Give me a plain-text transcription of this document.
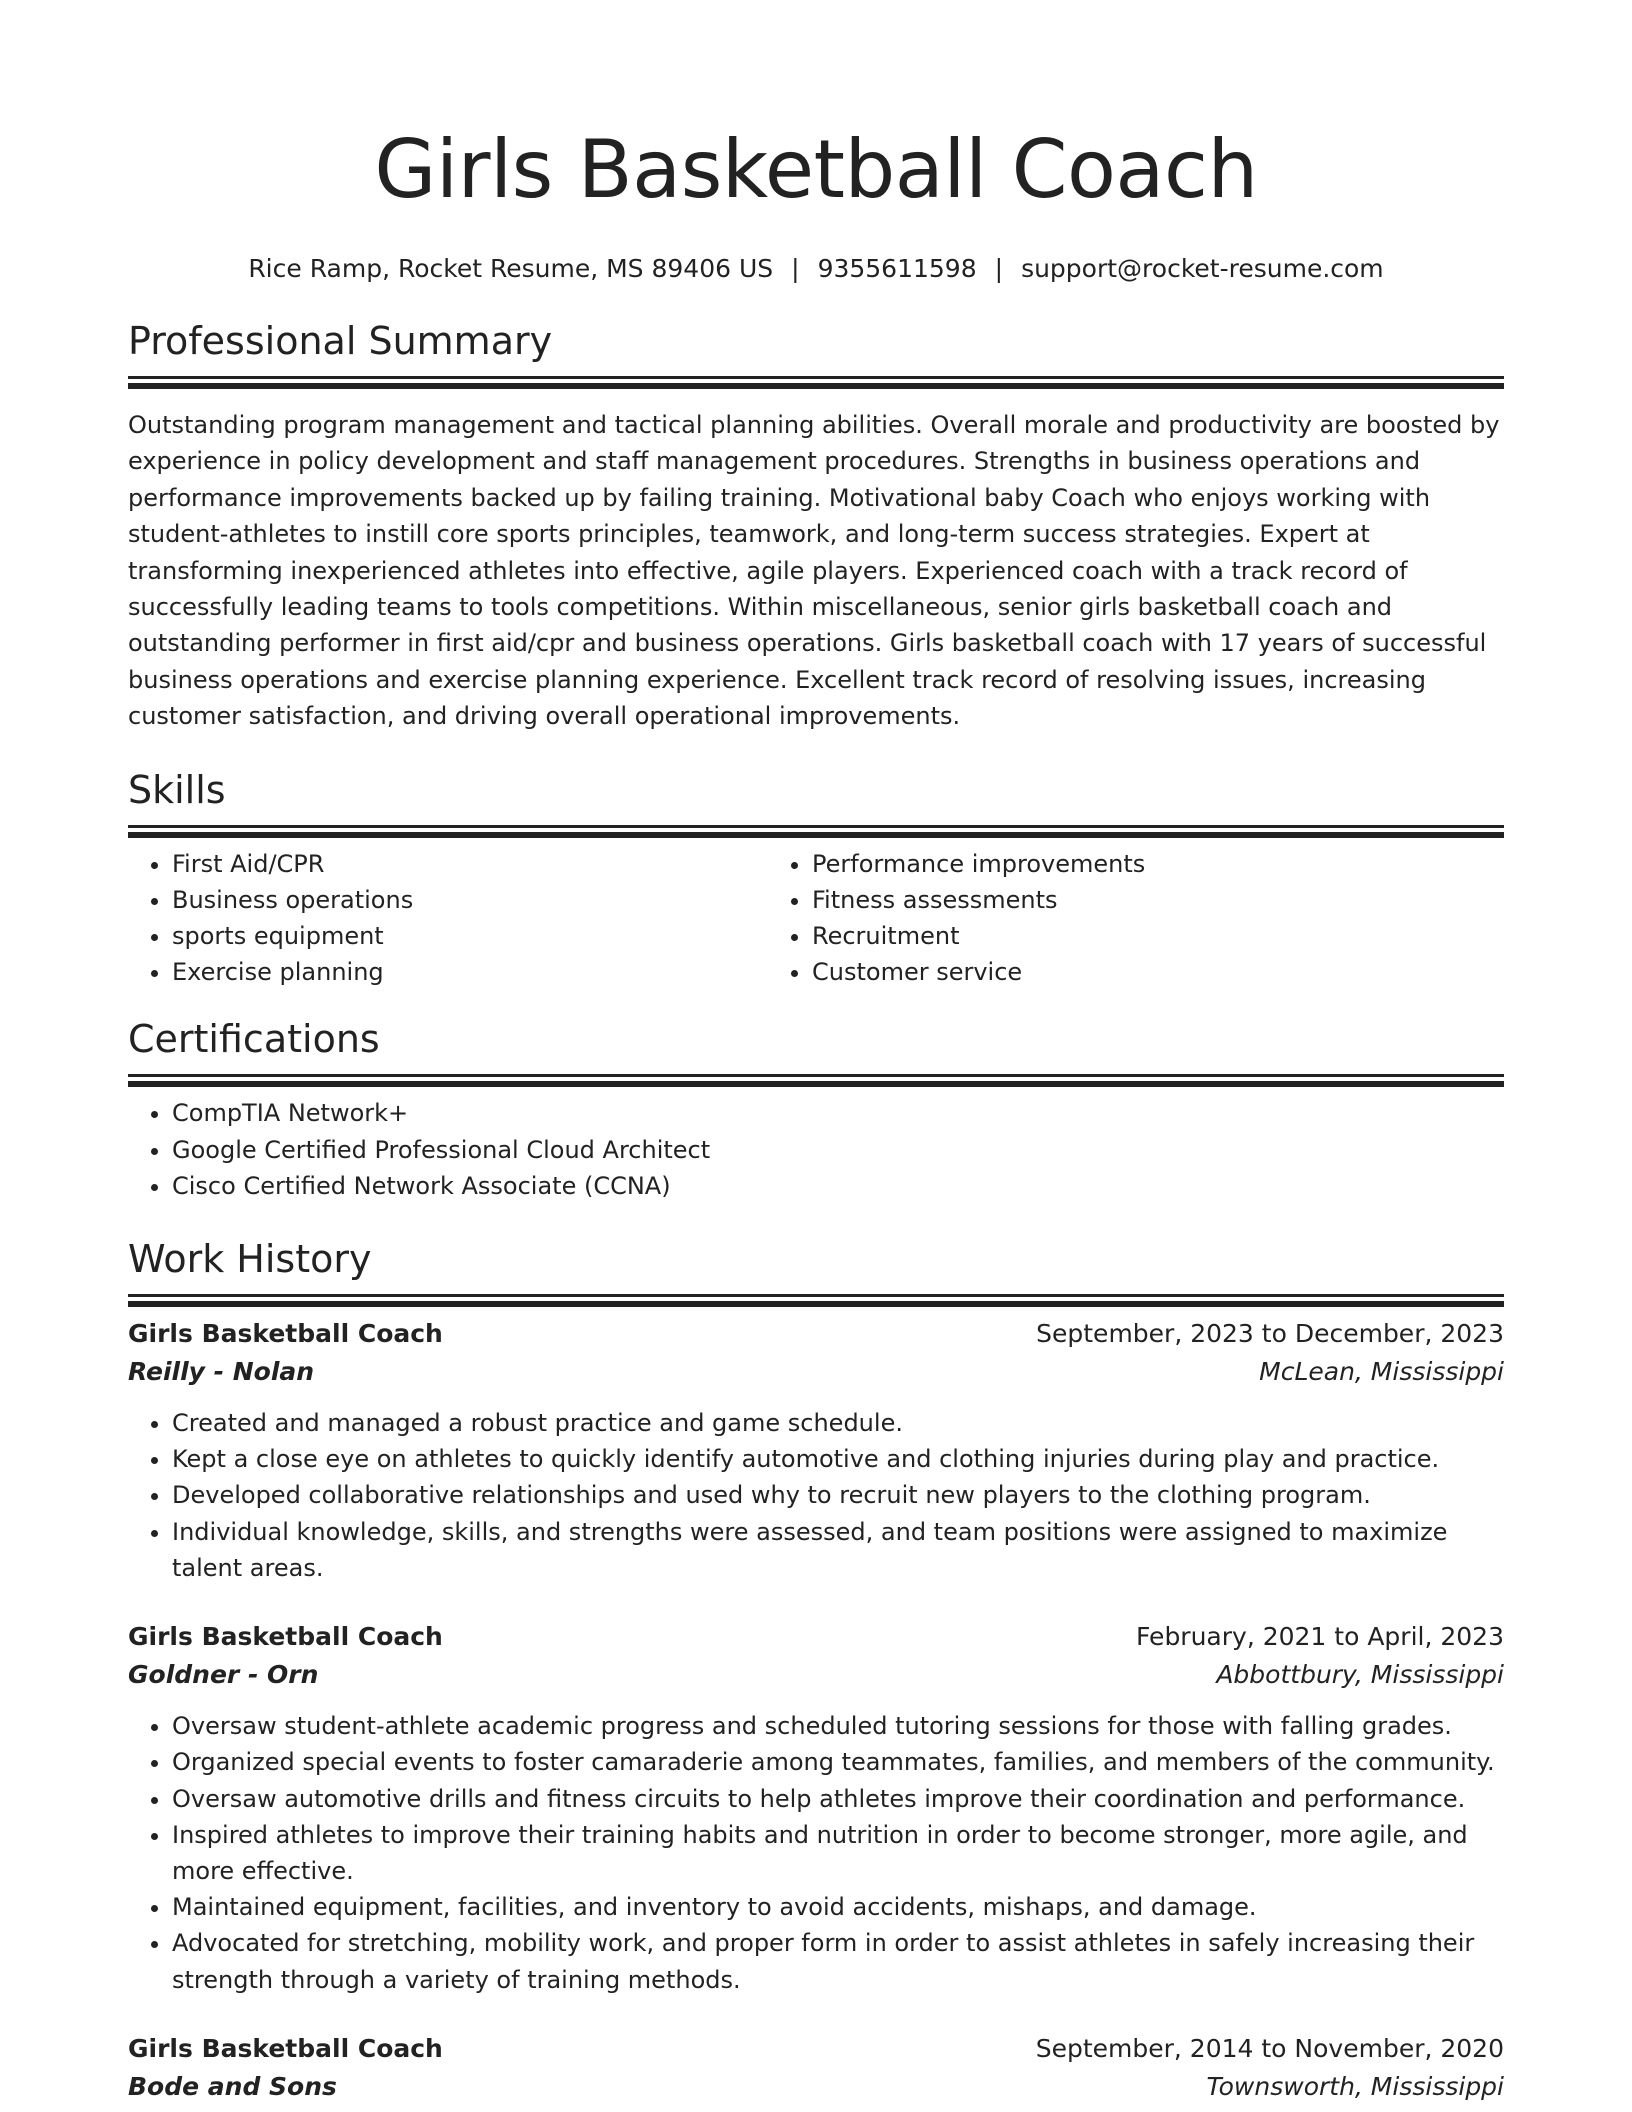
Girls Basketball Coach
Rice Ramp, Rocket Resume, MS 89406 US | 9355611598 | support@rocket-resume.com
Professional Summary

Outstanding program management and tactical planning abilities. Overall morale and productivity are boosted by experience in policy development and staff management procedures. Strengths in business operations and performance improvements backed up by failing training. Motivational baby Coach who enjoys working with student-athletes to instill core sports principles, teamwork, and long-term success strategies. Expert at transforming inexperienced athletes into effective, agile players. Experienced coach with a track record of successfully leading teams to tools competitions. Within miscellaneous, senior girls basketball coach and outstanding performer in first aid/cpr and business operations. Girls basketball coach with 17 years of successful business operations and exercise planning experience. Excellent track record of resolving issues, increasing customer satisfaction, and driving overall operational improvements.

Skills
• First Aid/CPR
• Business operations
• sports equipment
• Exercise planning
• Performance improvements
• Fitness assessments
• Recruitment
• Customer service
Certifications
• CompTIA Network+
• Google Certified Professional Cloud Architect
• Cisco Certified Network Associate (CCNA)
Work History
Girls Basketball Coach	September, 2023 to December, 2023
Reilly - Nolan	McLean, Mississippi
• Created and managed a robust practice and game schedule.
• Kept a close eye on athletes to quickly identify automotive and clothing injuries during play and practice.
• Developed collaborative relationships and used why to recruit new players to the clothing program.
• Individual knowledge, skills, and strengths were assessed, and team positions were assigned to maximize talent areas.
Girls Basketball Coach	February, 2021 to April, 2023
Goldner - Orn	Abbottbury, Mississippi
• Oversaw student-athlete academic progress and scheduled tutoring sessions for those with falling grades.
• Organized special events to foster camaraderie among teammates, families, and members of the community.
• Oversaw automotive drills and fitness circuits to help athletes improve their coordination and performance.
• Inspired athletes to improve their training habits and nutrition in order to become stronger, more agile, and more effective.
• Maintained equipment, facilities, and inventory to avoid accidents, mishaps, and damage.
• Advocated for stretching, mobility work, and proper form in order to assist athletes in safely increasing their strength through a variety of training methods.
Girls Basketball Coach	September, 2014 to November, 2020
Bode and Sons	Townsworth, Mississippi
